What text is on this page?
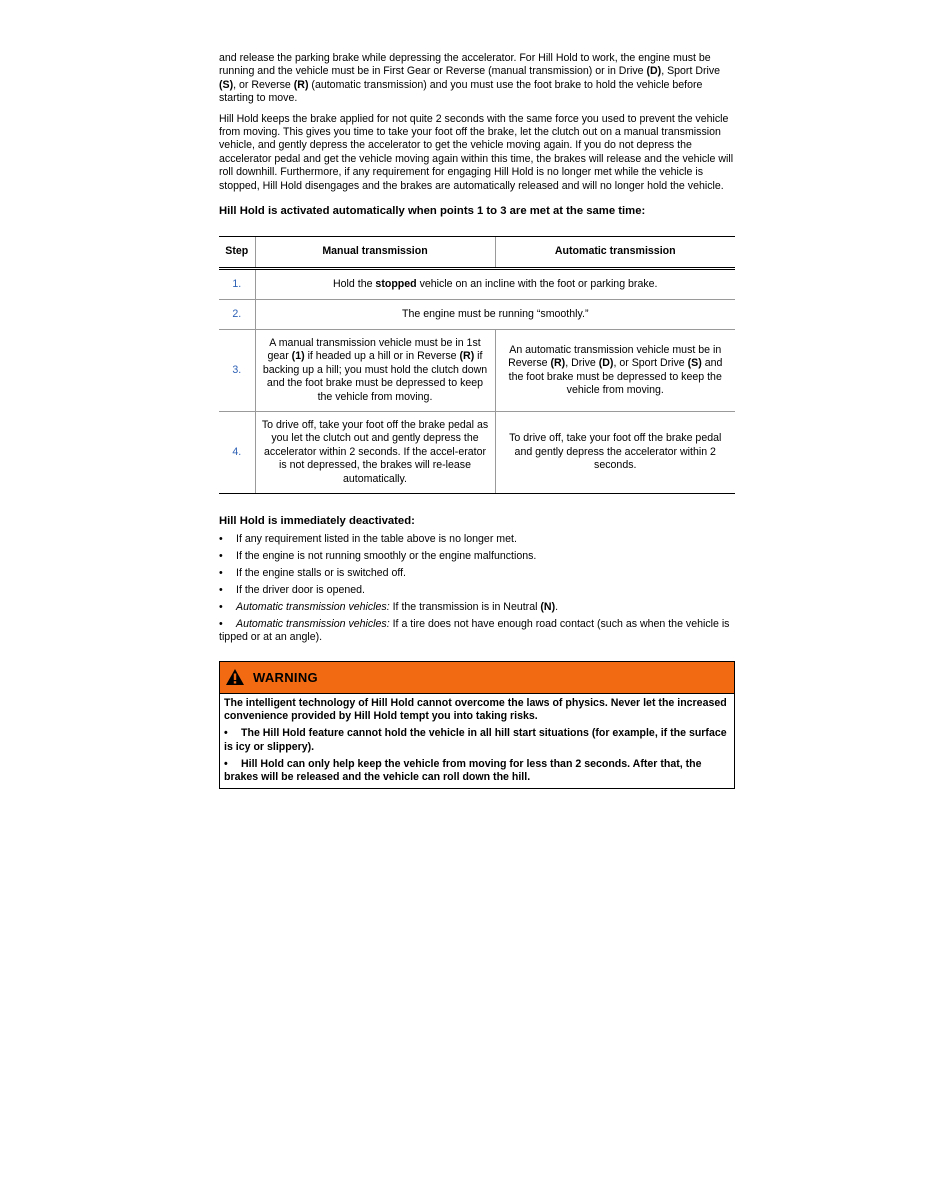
and release the parking brake while depressing the accelerator. For Hill Hold to work, the engine must be running and the vehicle must be in First Gear or Reverse (manual transmission) or in Drive (D), Sport Drive (S), or Reverse (R) (automatic transmission) and you must use the foot brake to hold the vehicle before starting to move.

Hill Hold keeps the brake applied for not quite 2 seconds with the same force you used to prevent the vehicle from moving. This gives you time to take your foot off the brake, let the clutch out on a manual transmission vehicle, and gently depress the accelerator to get the vehicle moving again. If you do not depress the accelerator pedal and get the vehicle moving again within this time, the brakes will release and the vehicle will roll downhill. Furthermore, if any requirement for engaging Hill Hold is no longer met while the vehicle is stopped, Hill Hold disengages and the brakes are automatically released and will no longer hold the vehicle.

Hill Hold is activated automatically when points 1 to 3 are met at the same time:
Step	Manual transmission	Automatic transmission
1.	Hold the stopped vehicle on an incline with the foot or parking brake.	
2.	The engine must be running “smoothly.”	
3.	A manual transmission vehicle must be in 1st gear (1) if headed up a hill or in Reverse (R) if backing up a hill; you must hold the clutch down and the foot brake must be depressed to keep the vehicle from moving.	An automatic transmission vehicle must be in Reverse (R), Drive (D), or Sport Drive (S) and the foot brake must be depressed to keep the vehicle from moving.
4.	To drive off, take your foot off the brake pedal as you let the clutch out and gently depress the accelerator within 2 seconds. If the accel-erator is not depressed, the brakes will re-lease automatically.	To drive off, take your foot off the brake pedal and gently depress the accelerator within 2 seconds.
Hill Hold is immediately deactivated:
• If any requirement listed in the table above is no longer met.
• If the engine is not running smoothly or the engine malfunctions.
• If the engine stalls or is switched off.
• If the driver door is opened.
• Automatic transmission vehicles: If the transmission is in Neutral (N).
• Automatic transmission vehicles: If a tire does not have enough road contact (such as when the vehicle is tipped or at an angle).
WARNING

The intelligent technology of Hill Hold cannot overcome the laws of physics. Never let the increased convenience provided by Hill Hold tempt you into taking risks.

• The Hill Hold feature cannot hold the vehicle in all hill start situations (for example, if the surface is icy or slippery).

• Hill Hold can only help keep the vehicle from moving for less than 2 seconds. After that, the brakes will be released and the vehicle can roll down the hill.
